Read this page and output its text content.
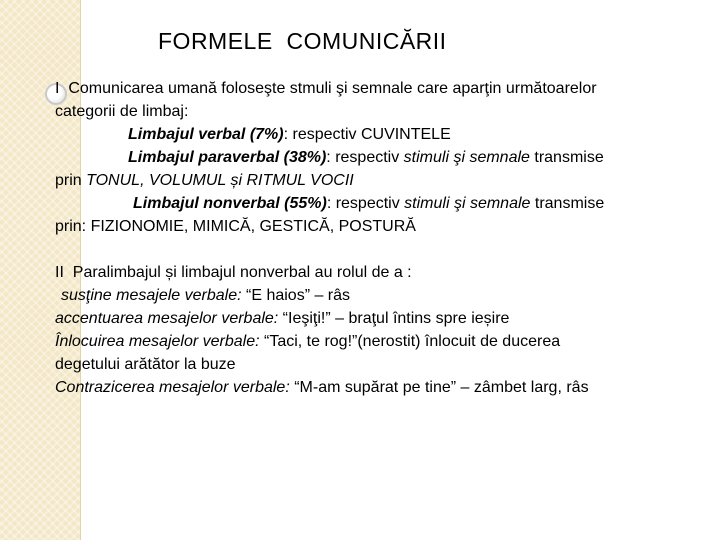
FORMELE  COMUNICĂRII
I  Comunicarea umană foloseşte stmuli şi semnale care aparţin următoarelor
categorii de limbaj:
Limbajul verbal (7%): respectiv CUVINTELE
Limbajul paraverbal (38%): respectiv stimuli şi semnale transmise
prin TONUL, VOLUMUL și RITMUL VOCII
Limbajul nonverbal (55%): respectiv stimuli şi semnale transmise
prin: FIZIONOMIE, MIMICĂ, GESTICĂ, POSTURĂ
II  Paralimbajul și limbajul nonverbal au rolul de a :
susţine mesajele verbale: “E haios” – râs
accentuarea mesajelor verbale: “Ieşiţi!” – braţul întins spre ieșire
Înlocuirea mesajelor verbale: “Taci, te rog!”(nerostit) înlocuit de ducerea
degetului arătător la buze
Contrazicerea mesajelor verbale: “M-am supărat pe tine” – zâmbet larg, râs
